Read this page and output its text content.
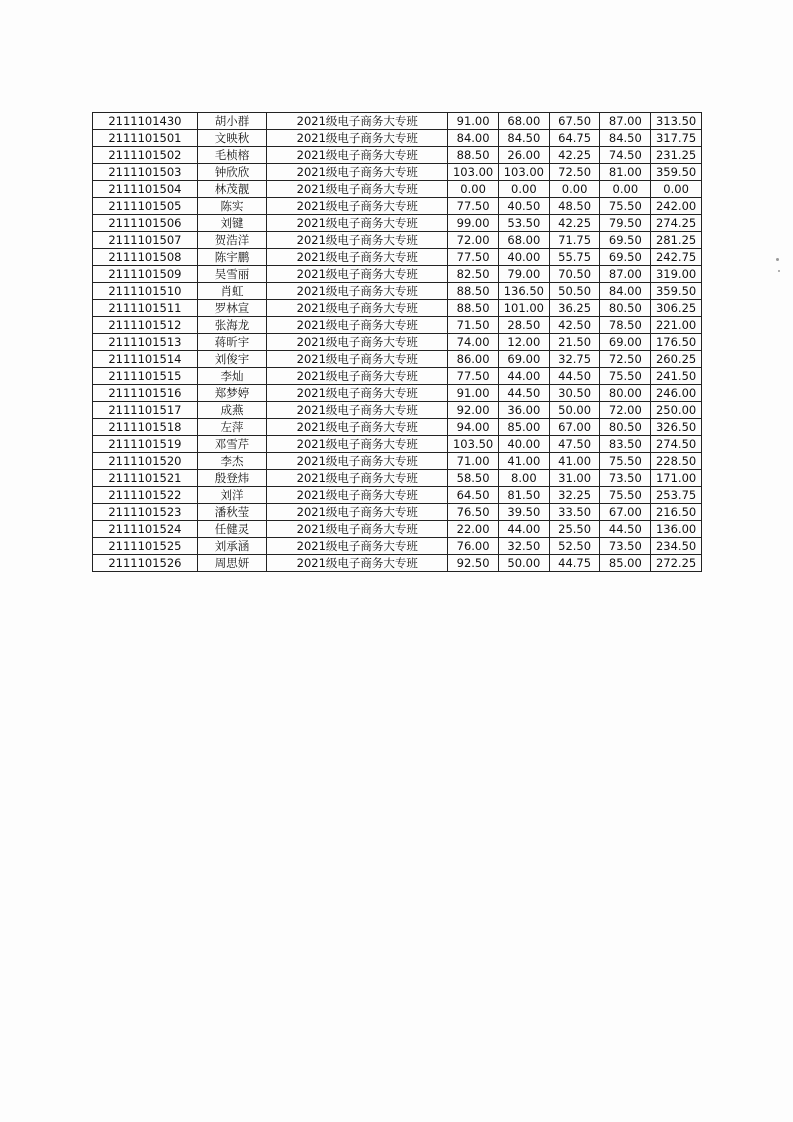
2111101430	胡小群	2021级电子商务大专班	91.00	68.00	67.50	87.00	313.50
2111101501	文映秋	2021级电子商务大专班	84.00	84.50	64.75	84.50	317.75
2111101502	毛桢榕	2021级电子商务大专班	88.50	26.00	42.25	74.50	231.25
2111101503	钟欣欣	2021级电子商务大专班	103.00	103.00	72.50	81.00	359.50
2111101504	林茂靓	2021级电子商务大专班	0.00	0.00	0.00	0.00	0.00
2111101505	陈实	2021级电子商务大专班	77.50	40.50	48.50	75.50	242.00
2111101506	刘键	2021级电子商务大专班	99.00	53.50	42.25	79.50	274.25
2111101507	贺浩洋	2021级电子商务大专班	72.00	68.00	71.75	69.50	281.25
2111101508	陈宇鹏	2021级电子商务大专班	77.50	40.00	55.75	69.50	242.75
2111101509	吴雪丽	2021级电子商务大专班	82.50	79.00	70.50	87.00	319.00
2111101510	肖虹	2021级电子商务大专班	88.50	136.50	50.50	84.00	359.50
2111101511	罗林宣	2021级电子商务大专班	88.50	101.00	36.25	80.50	306.25
2111101512	张海龙	2021级电子商务大专班	71.50	28.50	42.50	78.50	221.00
2111101513	蒋昕宇	2021级电子商务大专班	74.00	12.00	21.50	69.00	176.50
2111101514	刘俊宇	2021级电子商务大专班	86.00	69.00	32.75	72.50	260.25
2111101515	李灿	2021级电子商务大专班	77.50	44.00	44.50	75.50	241.50
2111101516	郑梦婷	2021级电子商务大专班	91.00	44.50	30.50	80.00	246.00
2111101517	成燕	2021级电子商务大专班	92.00	36.00	50.00	72.00	250.00
2111101518	左萍	2021级电子商务大专班	94.00	85.00	67.00	80.50	326.50
2111101519	邓雪芹	2021级电子商务大专班	103.50	40.00	47.50	83.50	274.50
2111101520	李杰	2021级电子商务大专班	71.00	41.00	41.00	75.50	228.50
2111101521	殷登炜	2021级电子商务大专班	58.50	8.00	31.00	73.50	171.00
2111101522	刘洋	2021级电子商务大专班	64.50	81.50	32.25	75.50	253.75
2111101523	潘秋莹	2021级电子商务大专班	76.50	39.50	33.50	67.00	216.50
2111101524	任健灵	2021级电子商务大专班	22.00	44.00	25.50	44.50	136.00
2111101525	刘承涵	2021级电子商务大专班	76.00	32.50	52.50	73.50	234.50
2111101526	周思妍	2021级电子商务大专班	92.50	50.00	44.75	85.00	272.25
